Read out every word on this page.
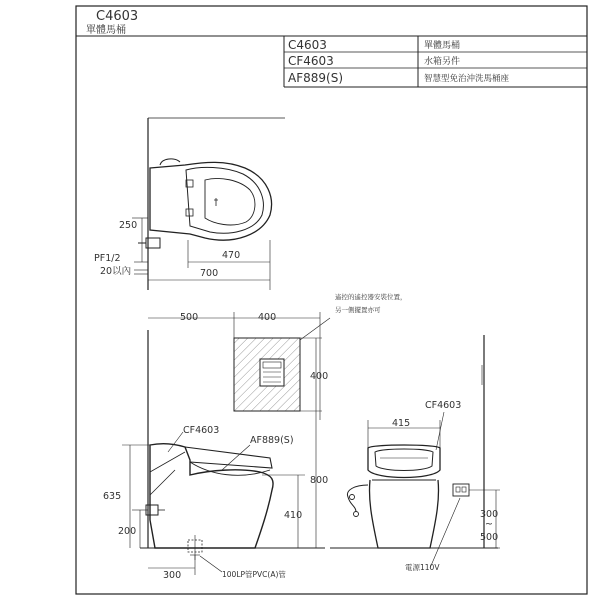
C4603
單體馬桶
C4603	單體馬桶
CF4603	水箱另件
AF889(S)	智慧型免治沖洗馬桶座
250
470
700
PF1/2
20以內
500	400
400
800
635
410
200
300
CF4603
AF889(S)
遙控的遙控器安裝位置，
另一側擺置亦可
100LP管PVC(A)管
415
CF4603
300
~
500
電源110V
